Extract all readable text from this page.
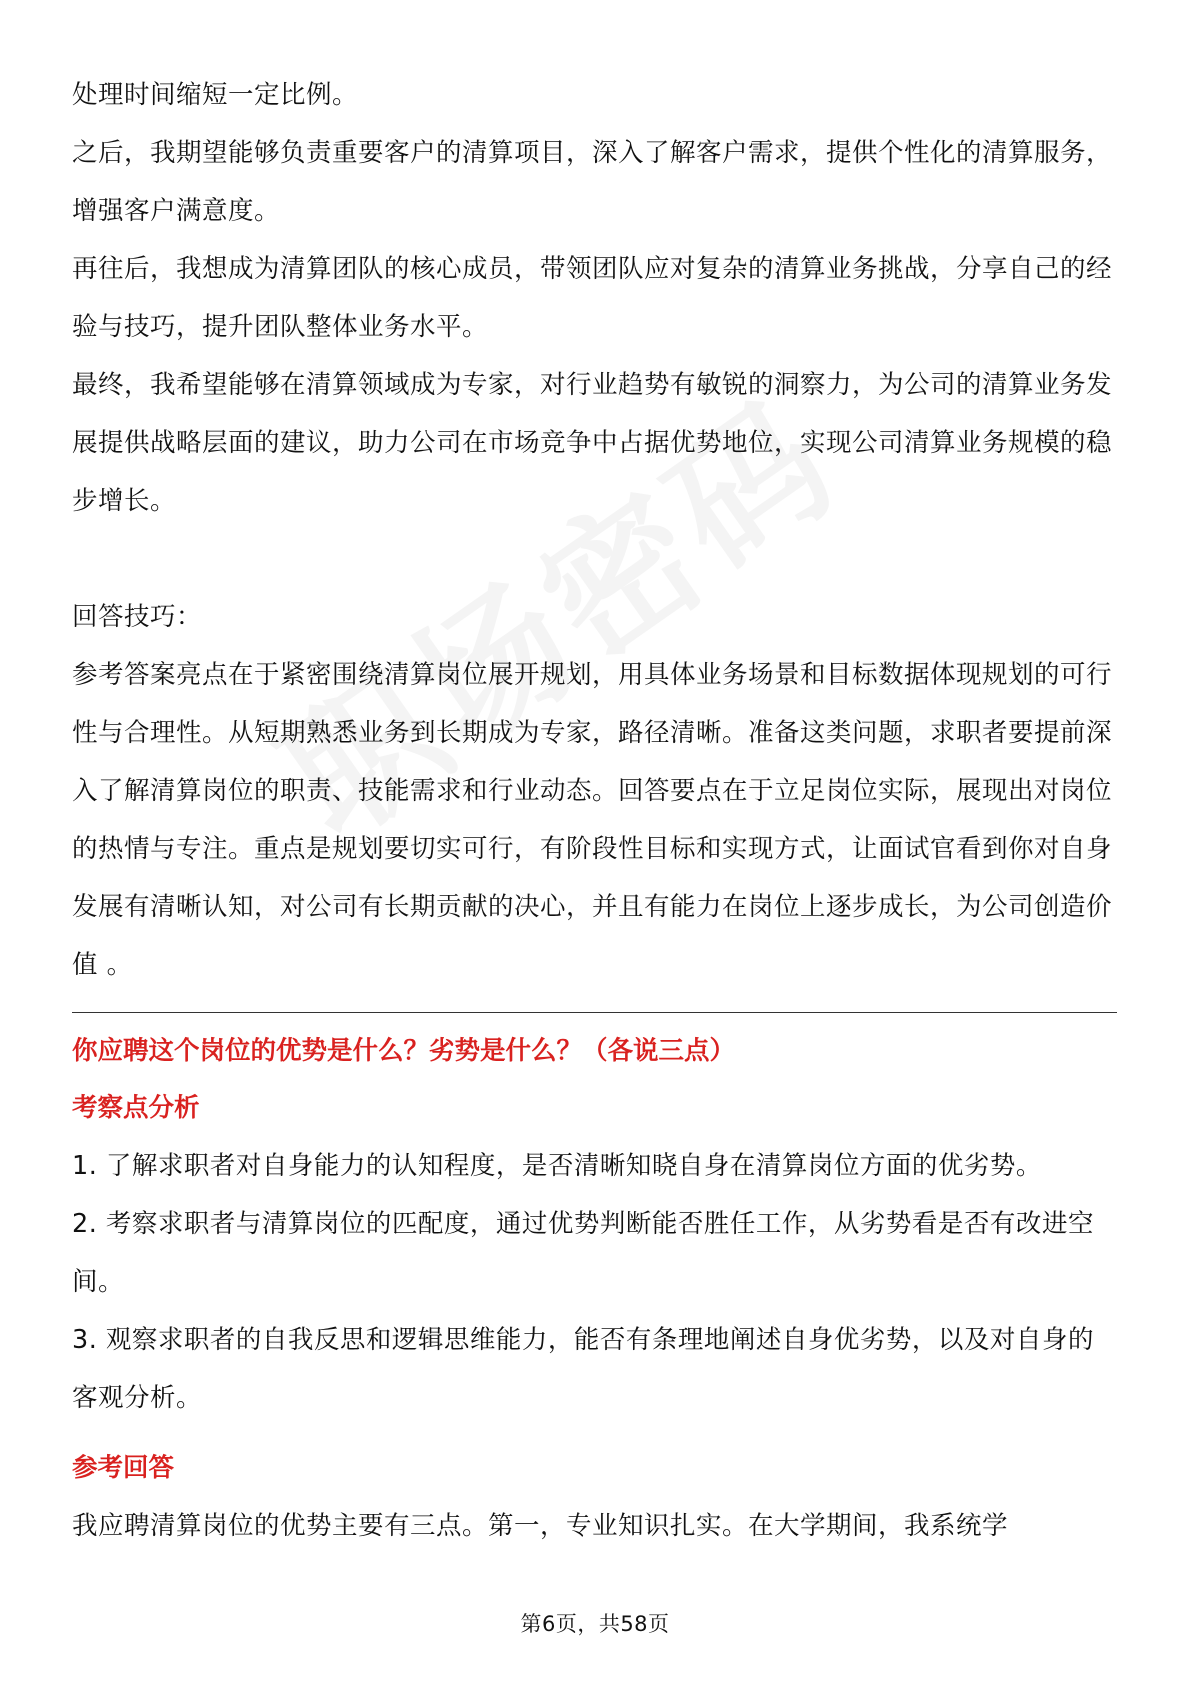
处理时间缩短一定比例。

之后，我期望能够负责重要客户的清算项目，深入了解客户需求，提供个性化的清算服务，增强客户满意度。

再往后，我想成为清算团队的核心成员，带领团队应对复杂的清算业务挑战，分享自己的经验与技巧，提升团队整体业务水平。

最终，我希望能够在清算领域成为专家，对行业趋势有敏锐的洞察力，为公司的清算业务发展提供战略层面的建议，助力公司在市场竞争中占据优势地位，实现公司清算业务规模的稳步增长。

回答技巧：

参考答案亮点在于紧密围绕清算岗位展开规划，用具体业务场景和目标数据体现规划的可行性与合理性。从短期熟悉业务到长期成为专家，路径清晰。准备这类问题，求职者要提前深入了解清算岗位的职责、技能需求和行业动态。回答要点在于立足岗位实际，展现出对岗位的热情与专注。重点是规划要切实可行，有阶段性目标和实现方式，让面试官看到你对自身发展有清晰认知，对公司有长期贡献的决心，并且有能力在岗位上逐步成长，为公司创造价值 。

你应聘这个岗位的优势是什么？劣势是什么？（各说三点）

考察点分析

1. 了解求职者对自身能力的认知程度，是否清晰知晓自身在清算岗位方面的优劣势。

2. 考察求职者与清算岗位的匹配度，通过优势判断能否胜任工作，从劣势看是否有改进空间。

3. 观察求职者的自我反思和逻辑思维能力，能否有条理地阐述自身优劣势，以及对自身的客观分析。

参考回答

我应聘清算岗位的优势主要有三点。第一，专业知识扎实。在大学期间，我系统学

第6页，共58页
